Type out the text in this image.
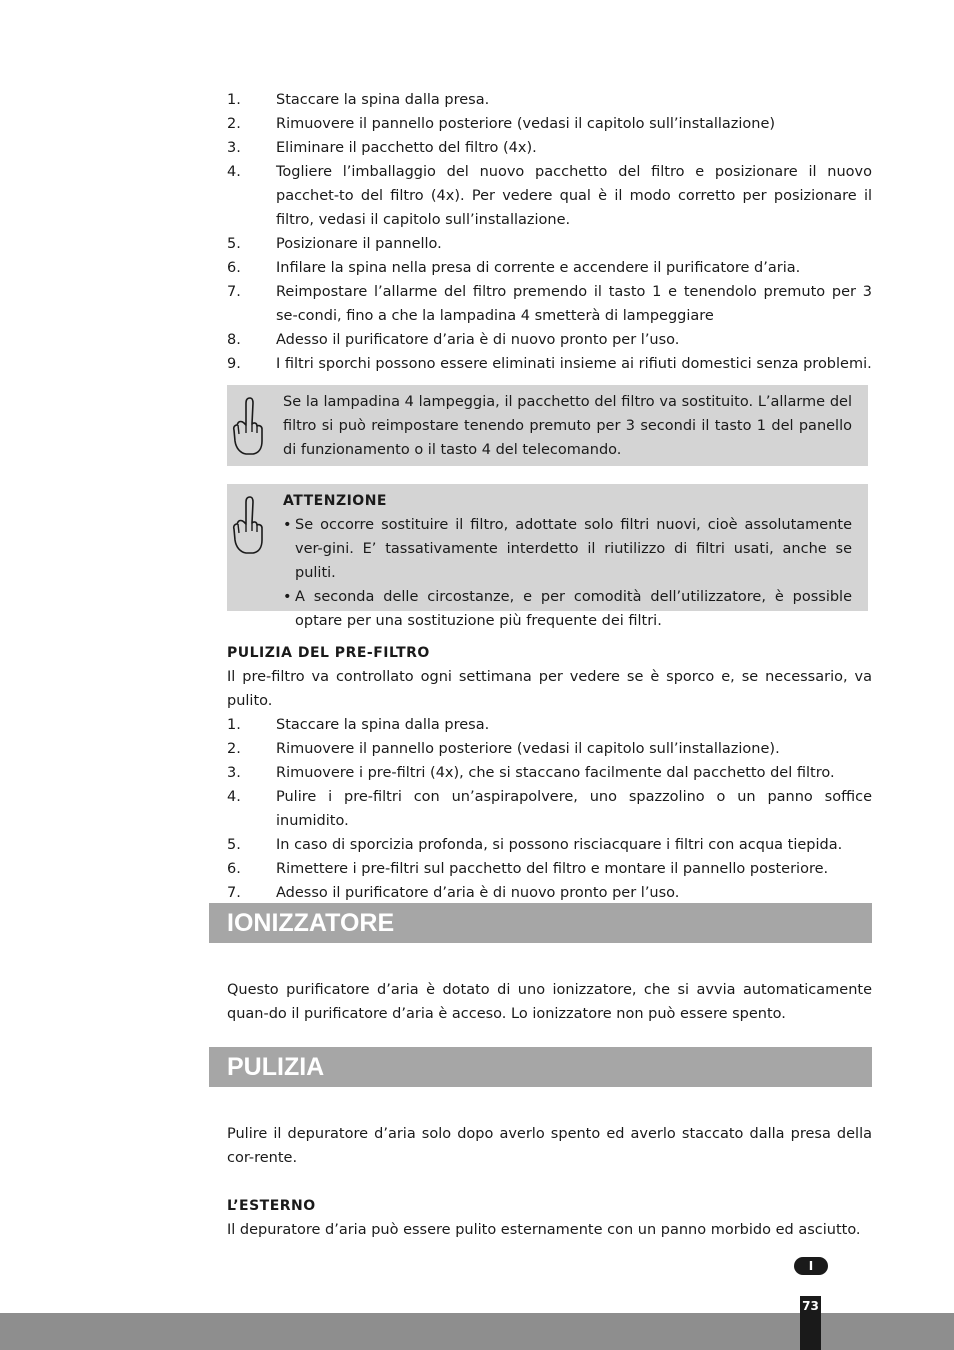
1. Staccare la spina dalla presa.
2. Rimuovere il pannello posteriore (vedasi il capitolo sull’installazione)
3. Eliminare il pacchetto del filtro (4x).
4. Togliere l’imballaggio del nuovo pacchetto del filtro e posizionare il nuovo pacchet-to del filtro (4x). Per vedere qual è il modo corretto per posizionare il filtro, vedasi il capitolo sull’installazione.
5. Posizionare il pannello.
6. Infilare la spina nella presa di corrente e accendere il purificatore d’aria.
7. Reimpostare l’allarme del filtro premendo il tasto 1 e tenendolo premuto per 3 se-condi, fino a che la lampadina 4 smetterà di lampeggiare
8. Adesso il purificatore d’aria è di nuovo pronto per l’uso.
9. I filtri sporchi possono essere eliminati insieme ai rifiuti domestici senza problemi.

Se la lampadina 4 lampeggia, il pacchetto del filtro va sostituito. L’allarme del filtro si può reimpostare tenendo premuto per 3 secondi il tasto 1 del panello di funzionamento o il tasto 4 del telecomando.

ATTENZIONE

• Se occorre sostituire il filtro, adottate solo filtri nuovi, cioè assolutamente ver-gini. E’ tassativamente interdetto il riutilizzo di filtri usati, anche se puliti.
• A seconda delle circostanze, e per comodità dell’utilizzatore, è possible optare per una sostituzione più frequente dei filtri.

PULIZIA DEL PRE-FILTRO

Il pre-filtro va controllato ogni settimana per vedere se è sporco e, se necessario, va pulito.

1. Staccare la spina dalla presa.
2. Rimuovere il pannello posteriore (vedasi il capitolo sull’installazione).
3. Rimuovere i pre-filtri (4x), che si staccano facilmente dal pacchetto del filtro.
4. Pulire i pre-filtri con un’aspirapolvere, uno spazzolino o un panno soffice inumidito.
5. In caso di sporcizia profonda, si possono risciacquare i filtri con acqua tiepida.
6. Rimettere i pre-filtri sul pacchetto del filtro e montare il pannello posteriore.
7. Adesso il purificatore d’aria è di nuovo pronto per l’uso.
IONIZZATORE

Questo purificatore d’aria è dotato di uno ionizzatore, che si avvia automaticamente quan-do il purificatore d’aria è acceso. Lo ionizzatore non può essere spento.

PULIZIA

Pulire il depuratore d’aria solo dopo averlo spento ed averlo staccato dalla presa della cor-rente.

L’ESTERNO

Il depuratore d’aria può essere pulito esternamente con un panno morbido ed asciutto.

I
73
